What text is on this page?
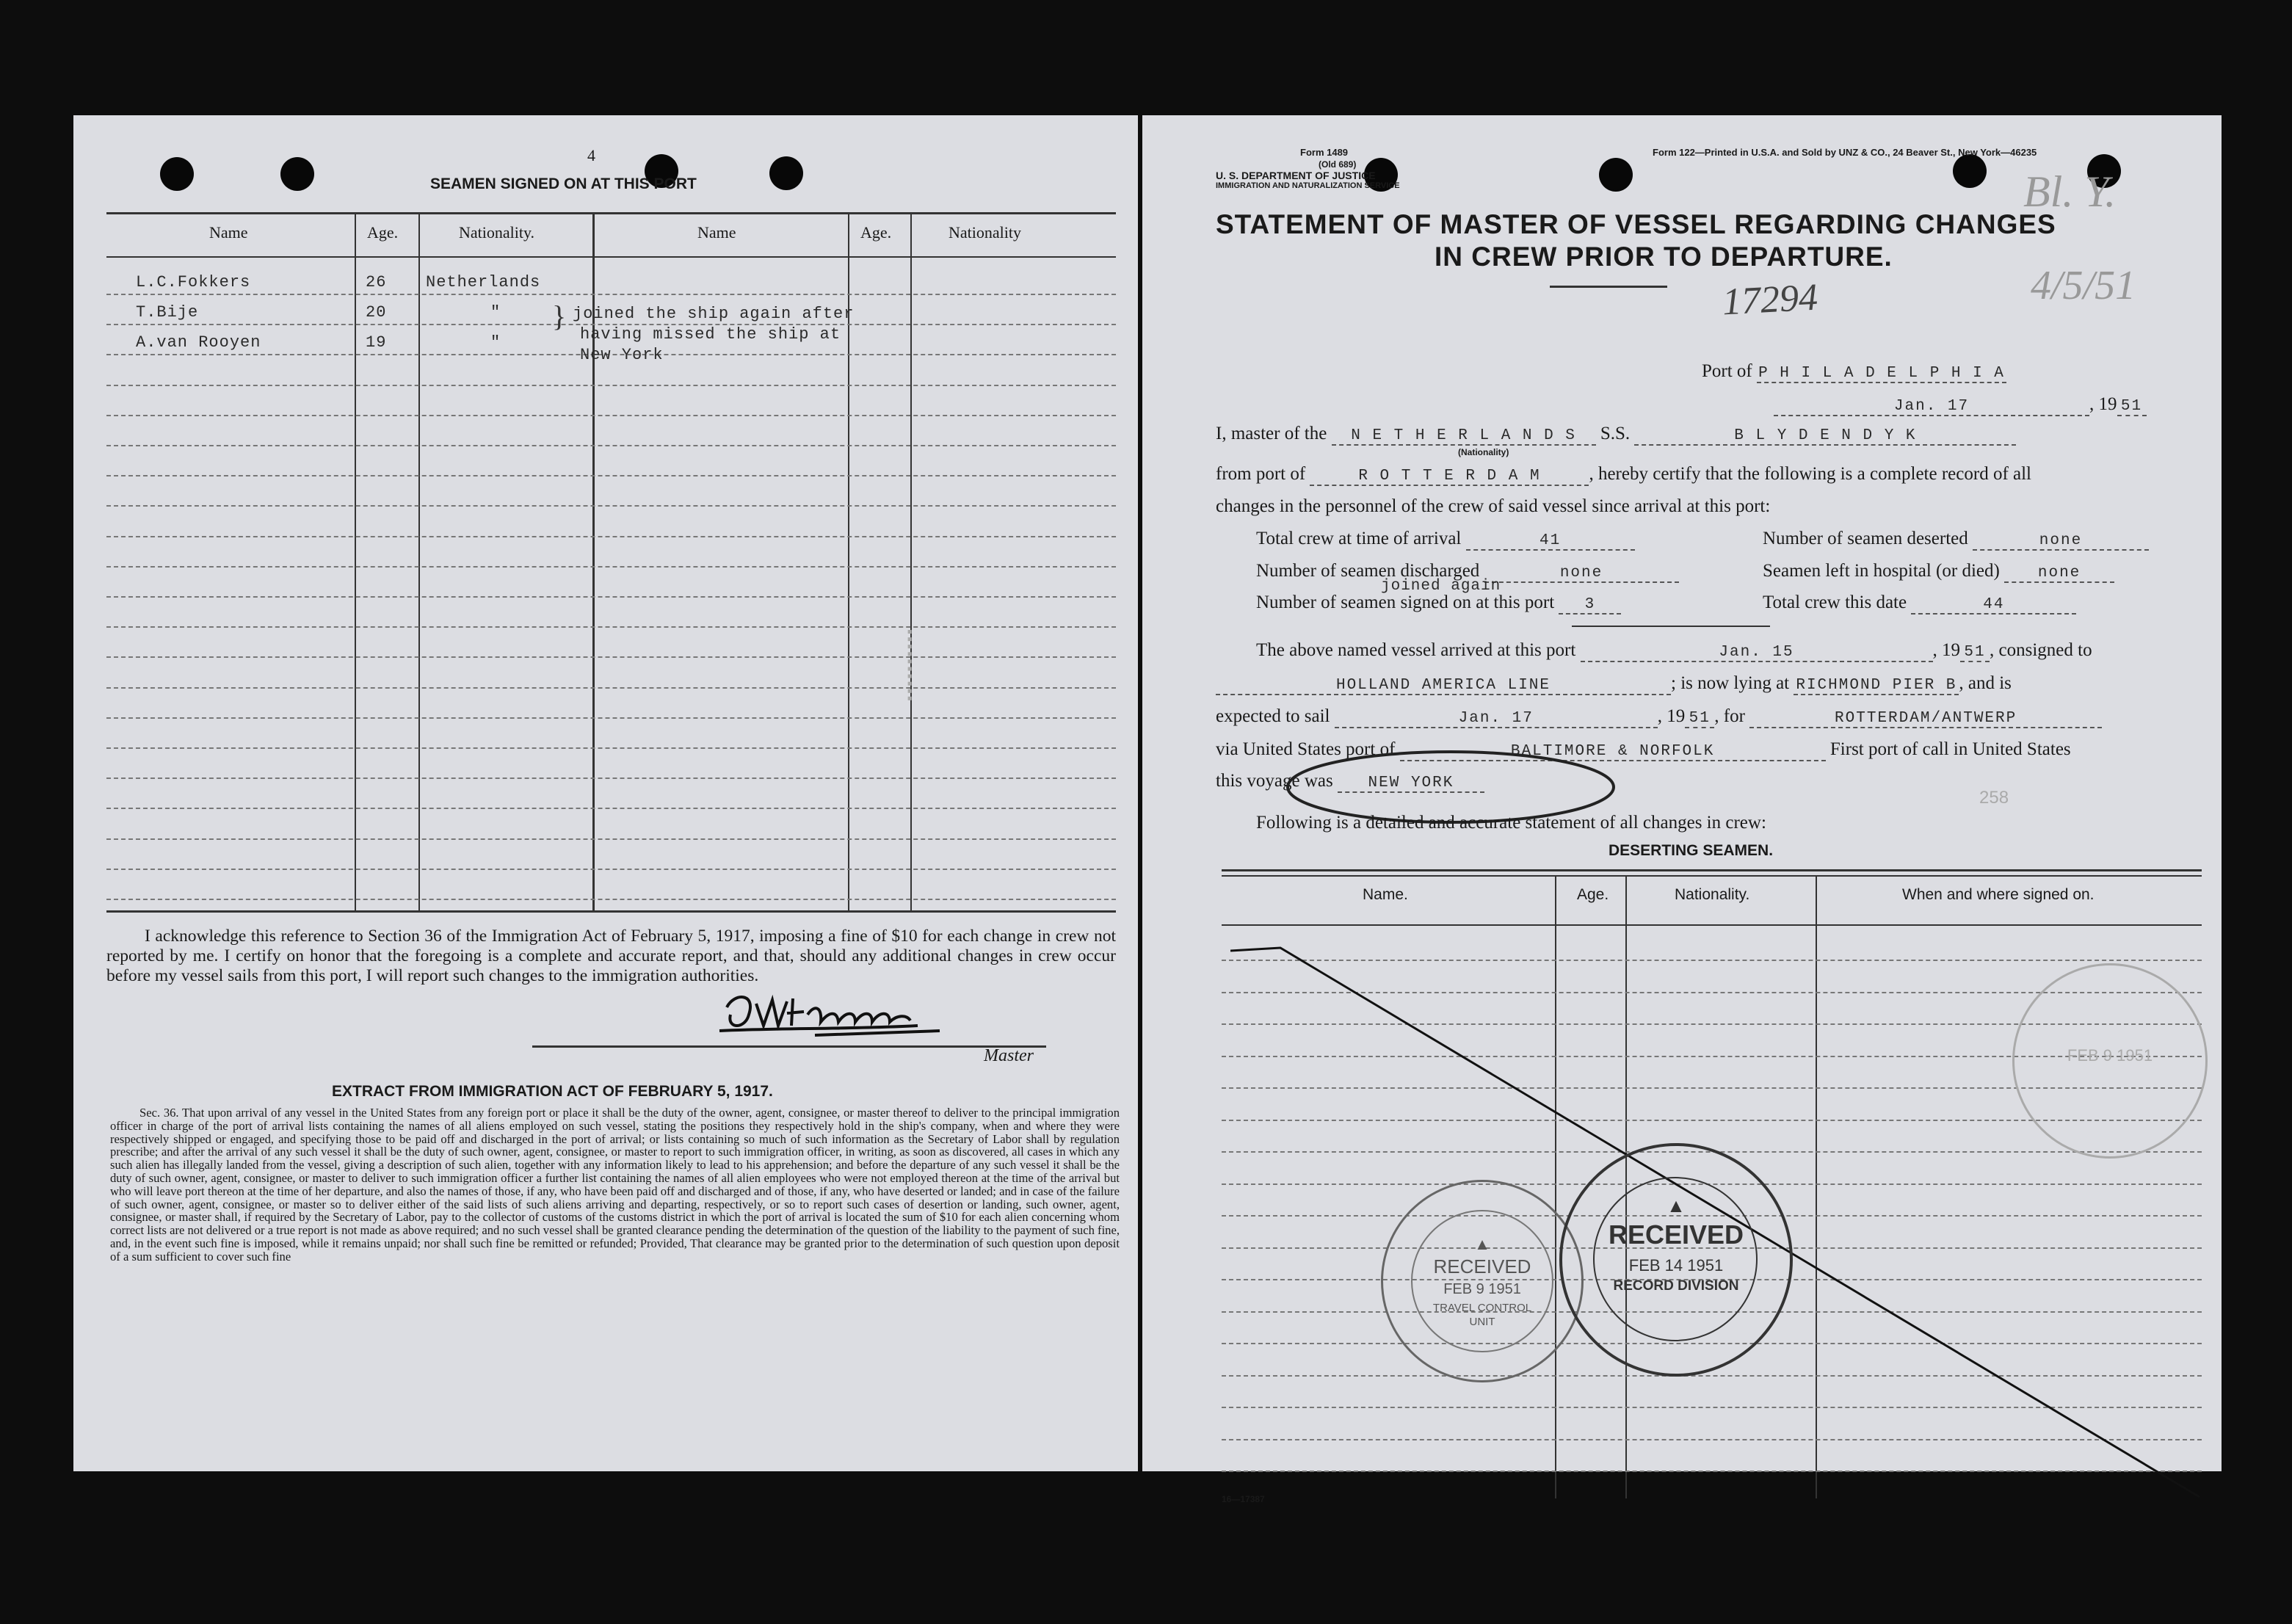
4
SEAMEN SIGNED ON AT THIS PORT
Name	Age.	Nationality.	Name	Age.	Nationality
L.C.Fokkers	26 Netherlands
T.Bije	20	"
A.van Rooyen	19	"
} joined the ship again after
having missed the ship at
New York
▪▪▪▪▪▪▪▪▪▪
I acknowledge this reference to Section 36 of the Immigration Act of February 5, 1917, imposing a fine of $10 for each change in crew not reported by me. I certify on honor that the foregoing is a complete and accurate report, and that, should any additional changes in crew occur before my vessel sails from this port, I will report such changes to the immigration authorities.
Master
EXTRACT FROM IMMIGRATION ACT OF FEBRUARY 5, 1917.
Sec. 36. That upon arrival of any vessel in the United States from any foreign port or place it shall be the duty of the owner, agent, consignee, or master thereof to deliver to the principal immigration officer in charge of the port of arrival lists containing the names of all aliens employed on such vessel, stating the positions they respectively hold in the ship's company, when and where they were respectively shipped or engaged, and specifying those to be paid off and discharged in the port of arrival; or lists containing so much of such information as the Secretary of Labor shall by regulation prescribe; and after the arrival of any such vessel it shall be the duty of such owner, agent, consignee, or master to report to such immigration officer, in writing, as soon as discovered, all cases in which any such alien has illegally landed from the vessel, giving a description of such alien, together with any information likely to lead to his apprehension; and before the departure of any such vessel it shall be the duty of such owner, agent, consignee, or master to deliver to such immigration officer a further list containing the names of all alien employees who were not employed thereon at the time of the arrival but who will leave port thereon at the time of her departure, and also the names of those, if any, who have been paid off and discharged and of those, if any, who have deserted or landed; and in case of the failure of such owner, agent, consignee, or master so to deliver either of the said lists of such aliens arriving and departing, respectively, or so to report such cases of desertion or landing, such owner, agent, consignee, or master shall, if required by the Secretary of Labor, pay to the collector of customs of the customs district in which the port of arrival is located the sum of $10 for each alien concerning whom correct lists are not delivered or a true report is not made as above required; and no such vessel shall be granted clearance pending the determination of the question of the liability to the payment of such fine, and, in the event such fine is imposed, while it remains unpaid; nor shall such fine be remitted or refunded; Provided, That clearance may be granted prior to the determination of such question upon deposit of a sum sufficient to cover such fine
Form 1489
(Old 689)
U. S. DEPARTMENT OF JUSTICE
IMMIGRATION AND NATURALIZATION SERVICE
Form 122—Printed in U.S.A. and Sold by UNZ & CO., 24 Beaver St., New York—46235
STATEMENT OF MASTER OF VESSEL REGARDING CHANGES
IN CREW PRIOR TO DEPARTURE.
17294
Bl. Y.
4/5/51
Port of P H I L A D E L P H I A
Jan. 17	, 19 51
I, master of the N E T H E R L A N D S S.S.	B L Y D E N D Y K
(Nationality)
from port of	R O T T E R D A M	, hereby certify that the following is a complete record of all
changes in the personnel of the crew of said vessel since arrival at this port:
Total crew at time of arrival	41	Number of seamen deserted	none
Number of seamen discharged	none	Seamen left in hospital (or died) none
joined again
Number of seamen signed on at this port 3	Total crew this date	44
The above named vessel arrived at this port	Jan. 15	, 19 51 , consigned to
HOLLAND AMERICA LINE	; is now lying at RICHMOND PIER B , and is
expected to sail	Jan. 17	, 19 51 , for	ROTTERDAM/ANTWERP
via United States port of	BALTIMORE & NORFOLK	First port of call in United States
this voyage was NEW YORK
258
Following is a detailed and accurate statement of all changes in crew:
DESERTING SEAMEN.
Name.	Age.	Nationality.	When and where signed on.
FEB 9 1951
▲
RECEIVED
FEB 9 1951
TRAVEL CONTROL
UNIT
▲
RECEIVED
FEB 14 1951
RECORD DIVISION
16—17387
